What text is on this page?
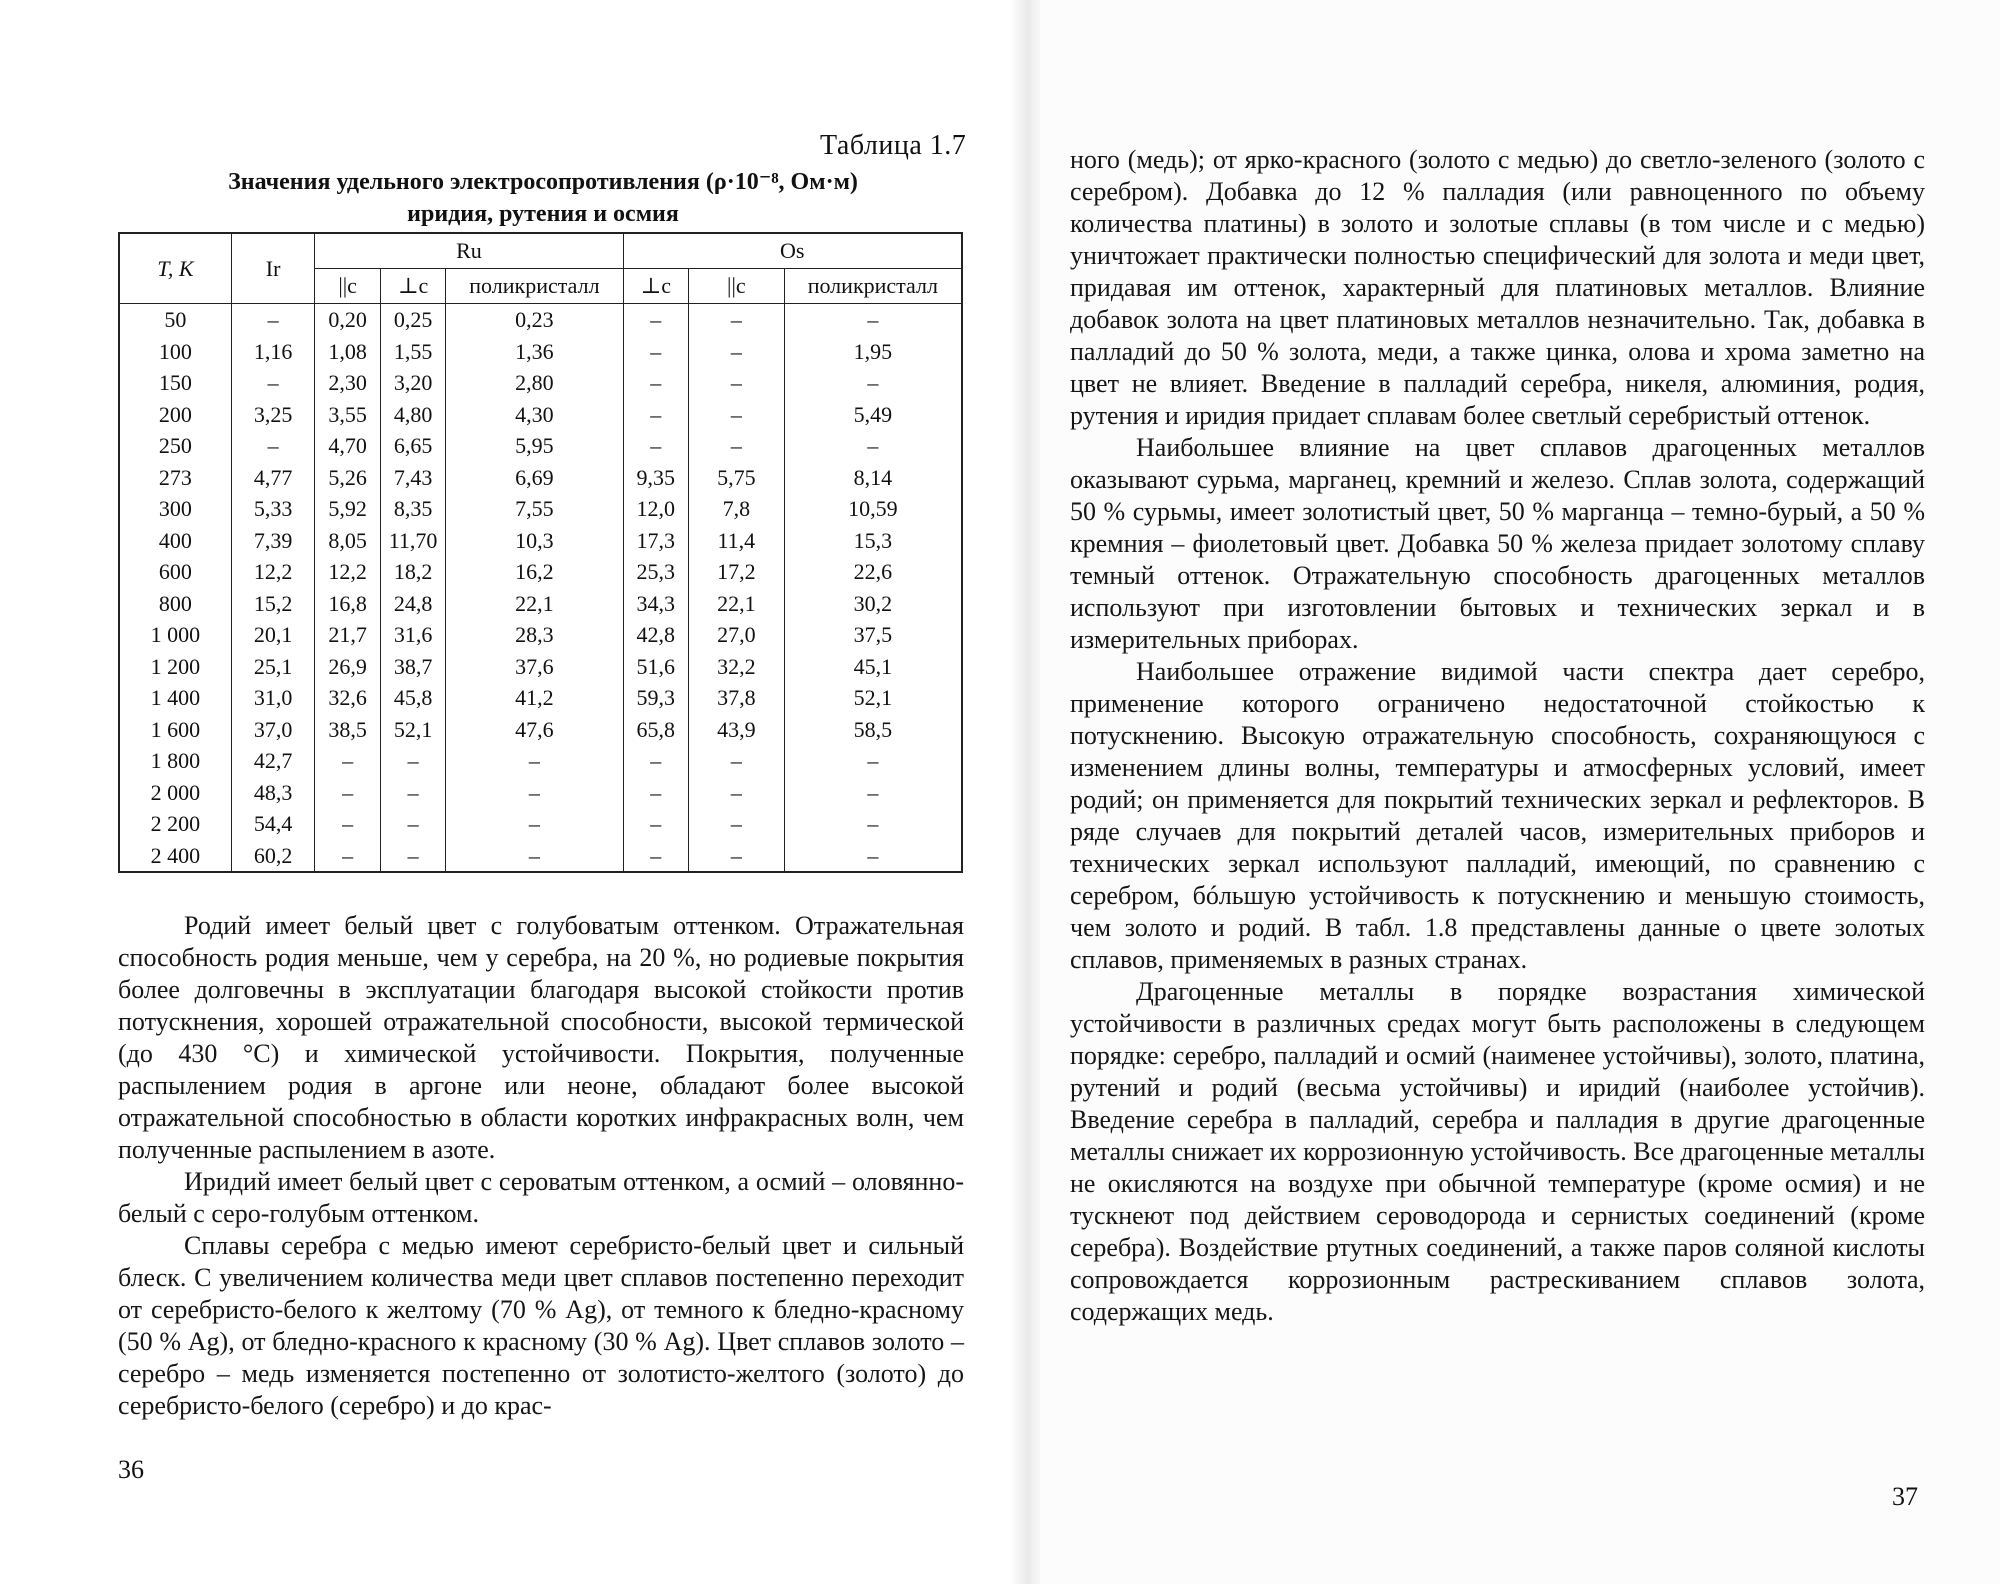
Таблица 1.7
Значения удельного электросопротивления (ρ·10⁻⁸, Ом·м)
иридия, рутения и осмия
T, К	Ir	Ru			Os		
		||c	⊥c	поликристалл	⊥c	||c	поликристалл
50	–	0,20	0,25	0,23	–	–	–
100	1,16	1,08	1,55	1,36	–	–	1,95
150	–	2,30	3,20	2,80	–	–	–
200	3,25	3,55	4,80	4,30	–	–	5,49
250	–	4,70	6,65	5,95	–	–	–
273	4,77	5,26	7,43	6,69	9,35	5,75	8,14
300	5,33	5,92	8,35	7,55	12,0	7,8	10,59
400	7,39	8,05	11,70	10,3	17,3	11,4	15,3
600	12,2	12,2	18,2	16,2	25,3	17,2	22,6
800	15,2	16,8	24,8	22,1	34,3	22,1	30,2
1 000	20,1	21,7	31,6	28,3	42,8	27,0	37,5
1 200	25,1	26,9	38,7	37,6	51,6	32,2	45,1
1 400	31,0	32,6	45,8	41,2	59,3	37,8	52,1
1 600	37,0	38,5	52,1	47,6	65,8	43,9	58,5
1 800	42,7	–	–	–	–	–	–
2 000	48,3	–	–	–	–	–	–
2 200	54,4	–	–	–	–	–	–
2 400	60,2	–	–	–	–	–	–

Родий имеет белый цвет с голубоватым оттенком. Отражательная способность родия меньше, чем у серебра, на 20 %, но родиевые покрытия более долговечны в эксплуатации благодаря высокой стойкости против потускнения, хорошей отражательной способности, высокой термической (до 430 °С) и химической устойчивости. Покрытия, полученные распылением родия в аргоне или неоне, обладают более высокой отражательной способностью в области коротких инфракрасных волн, чем полученные распылением в азоте.

Иридий имеет белый цвет с сероватым оттенком, а осмий – оловянно-белый с серо-голубым оттенком.

Сплавы серебра с медью имеют серебристо-белый цвет и сильный блеск. С увеличением количества меди цвет сплавов постепенно переходит от серебристо-белого к желтому (70 % Ag), от темного к бледно-красному (50 % Ag), от бледно-красного к красному (30 % Ag). Цвет сплавов золото – серебро – медь изменяется постепенно от золотисто-желтого (золото) до серебристо-белого (серебро) и до крас-

36

ного (медь); от ярко-красного (золото с медью) до светло-зеленого (золото с серебром). Добавка до 12 % палладия (или равноценного по объему количества платины) в золото и золотые сплавы (в том числе и с медью) уничтожает практически полностью специфический для золота и меди цвет, придавая им оттенок, характерный для платиновых металлов. Влияние добавок золота на цвет платиновых металлов незначительно. Так, добавка в палладий до 50 % золота, меди, а также цинка, олова и хрома заметно на цвет не влияет. Введение в палладий серебра, никеля, алюминия, родия, рутения и иридия придает сплавам более светлый серебристый оттенок.

Наибольшее влияние на цвет сплавов драгоценных металлов оказывают сурьма, марганец, кремний и железо. Сплав золота, содержащий 50 % сурьмы, имеет золотистый цвет, 50 % марганца – темно-бурый, а 50 % кремния – фиолетовый цвет. Добавка 50 % железа придает золотому сплаву темный оттенок. Отражательную способность драгоценных металлов используют при изготовлении бытовых и технических зеркал и в измерительных приборах.

Наибольшее отражение видимой части спектра дает серебро, применение которого ограничено недостаточной стойкостью к потускнению. Высокую отражательную способность, сохраняющуюся с изменением длины волны, температуры и атмосферных условий, имеет родий; он применяется для покрытий технических зеркал и рефлекторов. В ряде случаев для покрытий деталей часов, измерительных приборов и технических зеркал используют палладий, имеющий, по сравнению с серебром, бóльшую устойчивость к потускнению и меньшую стоимость, чем золото и родий. В табл. 1.8 представлены данные о цвете золотых сплавов, применяемых в разных странах.

Драгоценные металлы в порядке возрастания химической устойчивости в различных средах могут быть расположены в следующем порядке: серебро, палладий и осмий (наименее устойчивы), золото, платина, рутений и родий (весьма устойчивы) и иридий (наиболее устойчив). Введение серебра в палладий, серебра и палладия в другие драгоценные металлы снижает их коррозионную устойчивость. Все драгоценные металлы не окисляются на воздухе при обычной температуре (кроме осмия) и не тускнеют под действием сероводорода и сернистых соединений (кроме серебра). Воздействие ртутных соединений, а также паров соляной кислоты сопровождается коррозионным растрескиванием сплавов золота, содержащих медь.

37
